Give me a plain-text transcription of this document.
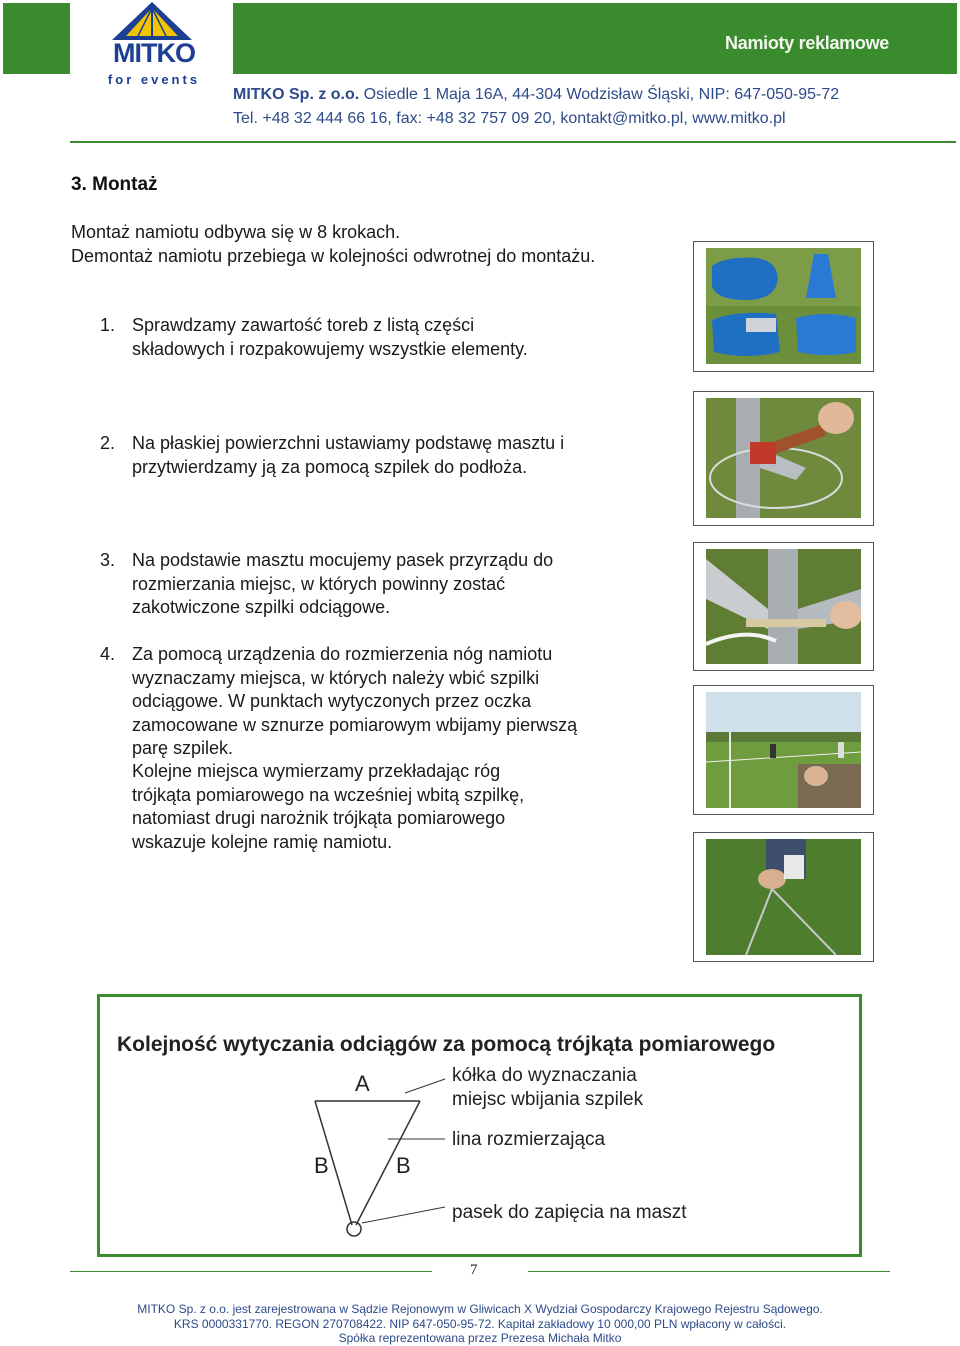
Namioty reklamowe
MITKO
for events
MITKO Sp. z o.o. Osiedle 1 Maja 16A, 44-304 Wodzisław Śląski, NIP: 647-050-95-72
Tel. +48 32 444 66 16, fax: +48 32 757 09 20, kontakt@mitko.pl, www.mitko.pl
3. Montaż
Montaż namiotu odbywa się w 8 krokach.
Demontaż namiotu przebiega w kolejności odwrotnej do montażu.
1. Sprawdzamy zawartość toreb z listą części
składowych i rozpakowujemy wszystkie elementy.
2. Na płaskiej powierzchni ustawiamy podstawę masztu i
przytwierdzamy ją za pomocą szpilek do podłoża.
3. Na podstawie masztu mocujemy pasek przyrządu do
rozmierzania miejsc, w których powinny zostać
zakotwiczone szpilki odciągowe.
4. Za pomocą urządzenia do rozmierzenia nóg namiotu
wyznaczamy miejsca, w których należy wbić szpilki
odciągowe. W punktach wytyczonych przez oczka
zamocowane w sznurze pomiarowym wbijamy pierwszą
parę szpilek.
Kolejne miejsca wymierzamy przekładając róg
trójkąta pomiarowego na wcześniej wbitą szpilkę,
natomiast drugi narożnik trójkąta pomiarowego
wskazuje kolejne ramię namiotu.
Kolejność wytyczania odciągów za pomocą trójkąta pomiarowego
A
B	B
kółka do wyznaczania
miejsc wbijania szpilek
lina rozmierzająca
pasek do zapięcia na maszt
7
MITKO Sp. z o.o. jest zarejestrowana w Sądzie Rejonowym w Gliwicach X Wydział Gospodarczy Krajowego Rejestru Sądowego.
KRS 0000331770. REGON 270708422. NIP 647-050-95-72. Kapitał zakładowy 10 000,00 PLN wpłacony w całości.
Spółka reprezentowana przez Prezesa Michała Mitko
